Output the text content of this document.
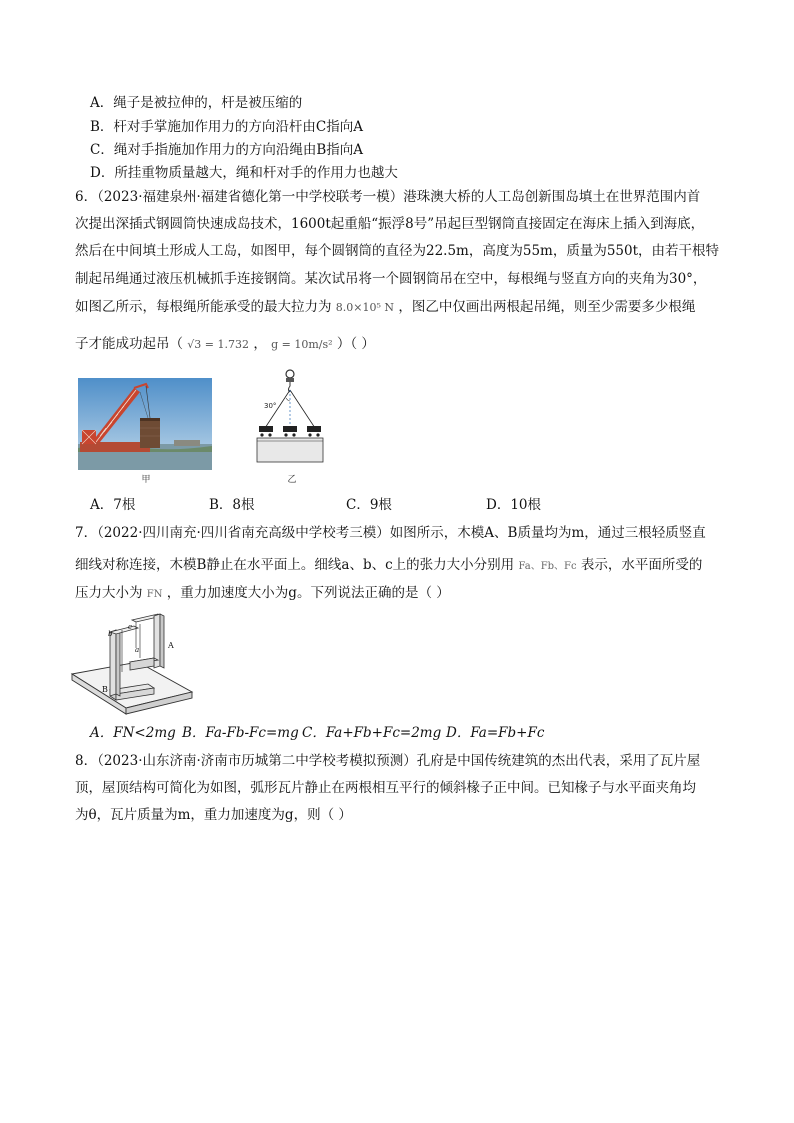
A．绳子是被拉伸的，杆是被压缩的
B．杆对手掌施加作用力的方向沿杆由C指向A
C．绳对手指施加作用力的方向沿绳由B指向A
D．所挂重物质量越大，绳和杆对手的作用力也越大
6．（2023·福建泉州·福建省德化第一中学校联考一模）港珠澳大桥的人工岛创新围岛填土在世界范围内首
次提出深插式钢圆筒快速成岛技术，1600t起重船“振浮8号”吊起巨型钢筒直接固定在海床上插入到海底，
然后在中间填土形成人工岛，如图甲，每个圆钢筒的直径为22.5m，高度为55m，质量为550t，由若干根特
制起吊绳通过液压机械抓手连接钢筒。某次试吊将一个圆钢筒吊在空中，每根绳与竖直方向的夹角为30°，
如图乙所示，每根绳所能承受的最大拉力为 8.0×10⁵ N ，图乙中仅画出两根起吊绳，则至少需要多少根绳
子才能成功起吊（ √3 = 1.732 ， g = 10m/s² ）（ ）
甲
30°
乙
A．7根	B．8根	C．9根	D．10根
7．（2022·四川南充·四川省南充高级中学校考三模）如图所示，木模A、B质量均为m，通过三根轻质竖直
细线对称连接，木模B静止在水平面上。细线a、b、c上的张力大小分别用 Fa、Fb、Fc 表示，水平面所受的
压力大小为 FN ，重力加速度大小为g。下列说法正确的是（ ）
b
c
a	A
B
A．FN<2mg B．Fa-Fb-Fc=mg C．Fa+Fb+Fc=2mg D．Fa=Fb+Fc
8．（2023·山东济南·济南市历城第二中学校考模拟预测）孔府是中国传统建筑的杰出代表，采用了瓦片屋
顶，屋顶结构可简化为如图，弧形瓦片静止在两根相互平行的倾斜椽子正中间。已知椽子与水平面夹角均
为θ，瓦片质量为m，重力加速度为g，则（ ）
